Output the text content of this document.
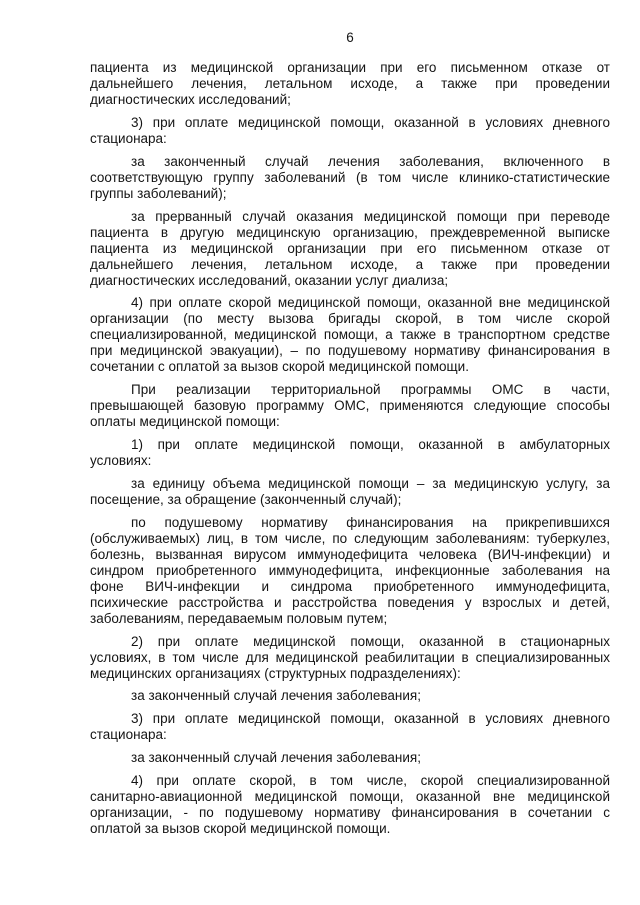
6
пациента из медицинской организации при его письменном отказе от
дальнейшего лечения, летальном исходе, а также при проведении
диагностических исследований;
3) при оплате медицинской помощи, оказанной в условиях дневного
стационара:
за законченный случай лечения заболевания, включенного в
соответствующую группу заболеваний (в том числе клинико-статистические
группы заболеваний);
за прерванный случай оказания медицинской помощи при переводе
пациента в другую медицинскую организацию, преждевременной выписке
пациента из медицинской организации при его письменном отказе от
дальнейшего лечения, летальном исходе, а также при проведении
диагностических исследований, оказании услуг диализа;
4) при оплате скорой медицинской помощи, оказанной вне медицинской
организации (по месту вызова бригады скорой, в том числе скорой
специализированной, медицинской помощи, а также в транспортном средстве
при медицинской эвакуации), – по подушевому нормативу финансирования в
сочетании с оплатой за вызов скорой медицинской помощи.
При реализации территориальной программы ОМС в части,
превышающей базовую программу ОМС, применяются следующие способы
оплаты медицинской помощи:
1) при оплате медицинской помощи, оказанной в амбулаторных
условиях:
за единицу объема медицинской помощи – за медицинскую услугу, за
посещение, за обращение (законченный случай);
по подушевому нормативу финансирования на прикрепившихся
(обслуживаемых) лиц, в том числе, по следующим заболеваниям: туберкулез,
болезнь, вызванная вирусом иммунодефицита человека (ВИЧ-инфекции) и
синдром приобретенного иммунодефицита, инфекционные заболевания на
фоне ВИЧ-инфекции и синдрома приобретенного иммунодефицита,
психические расстройства и расстройства поведения у взрослых и детей,
заболеваниям, передаваемым половым путем;
2) при оплате медицинской помощи, оказанной в стационарных
условиях, в том числе для медицинской реабилитации в специализированных
медицинских организациях (структурных подразделениях):
за законченный случай лечения заболевания;
3) при оплате медицинской помощи, оказанной в условиях дневного
стационара:
за законченный случай лечения заболевания;
4) при оплате скорой, в том числе, скорой специализированной
санитарно-авиационной медицинской помощи, оказанной вне медицинской
организации, - по подушевому нормативу финансирования в сочетании с
оплатой за вызов скорой медицинской помощи.
